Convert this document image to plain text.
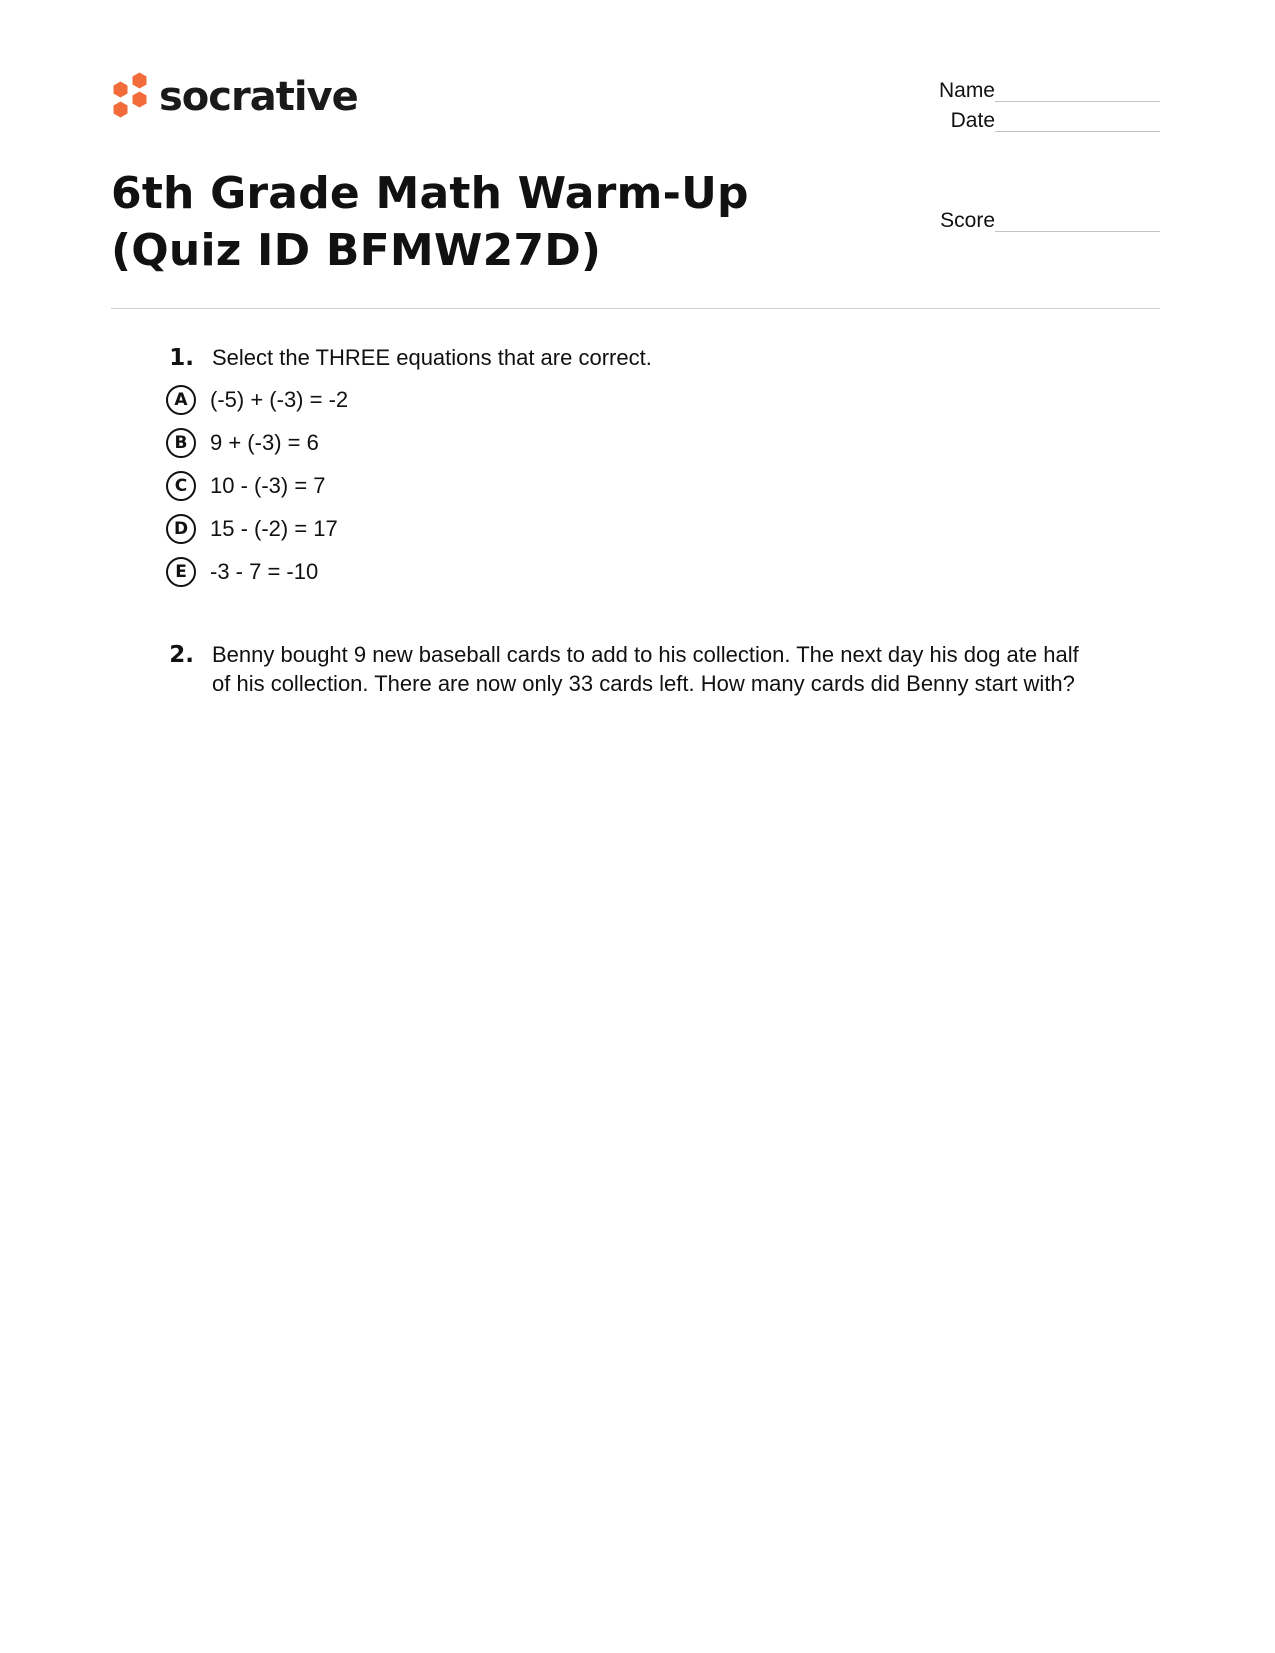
socrative	Name
Date
Score
6th Grade Math Warm-Up (Quiz ID BFMW27D)
1. Select the THREE equations that are correct.
A	(-5) + (-3) = -2
B	9 + (-3) = 6
C	10 - (-3) = 7
D 15 - (-2) = 17
E	-3 - 7 = -10
2. Benny bought 9 new baseball cards to add to his collection. The next day his dog ate half of his collection. There are now only 33 cards left. How many cards did Benny start with?
